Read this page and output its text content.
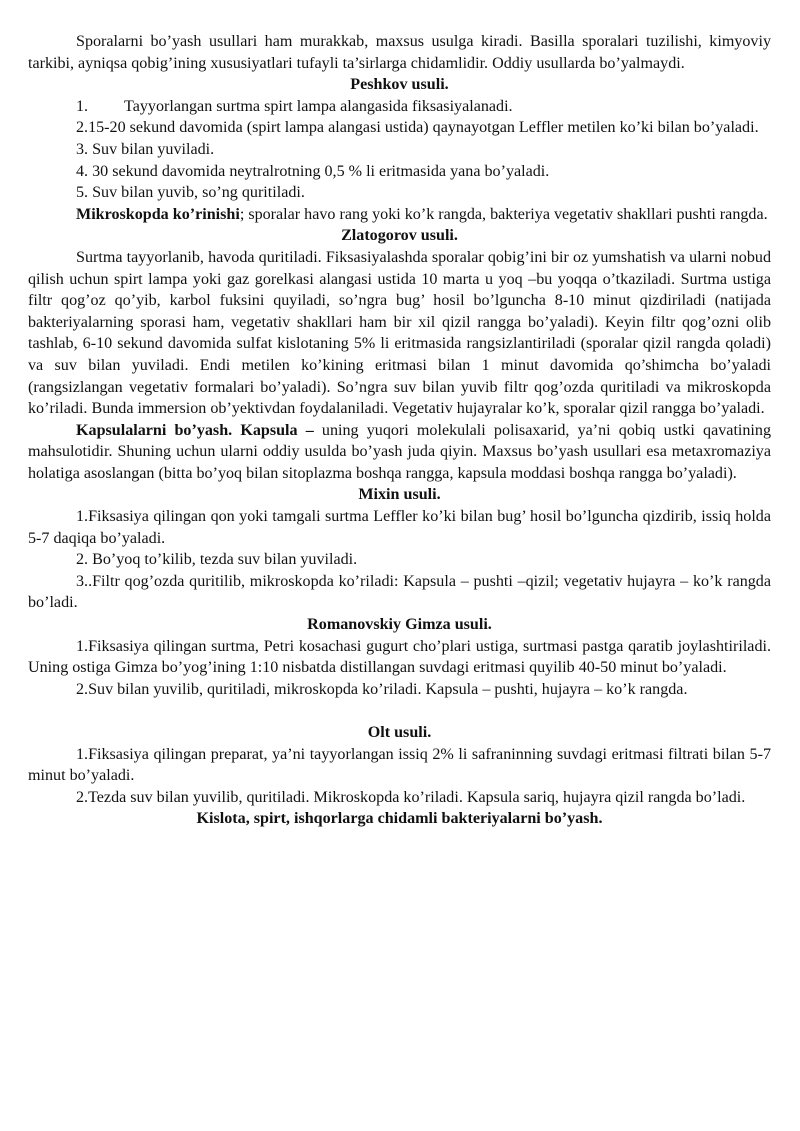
Sporalarni bo’yash usullari ham murakkab, maxsus usulga kiradi. Basilla sporalari tuzilishi, kimyoviy tarkibi, ayniqsa qobig’ining xususiyatlari tufayli ta’sirlarga chidamlidir. Oddiy usullarda bo’yalmaydi.

Peshkov usuli.

1. Tayyorlangan surtma spirt lampa alangasida fiksasiyalanadi.

2.15-20 sekund davomida (spirt lampa alangasi ustida) qaynayotgan Leffler metilen ko’ki bilan bo’yaladi.

3. Suv bilan yuviladi.

4. 30 sekund davomida neytralrotning 0,5 % li eritmasida yana bo’yaladi.

5. Suv bilan yuvib, so’ng quritiladi.

Mikroskopda ko’rinishi; sporalar havo rang yoki ko’k rangda, bakteriya vegetativ shakllari pushti rangda.

Zlatogorov usuli.

Surtma tayyorlanib, havoda quritiladi. Fiksasiyalashda sporalar qobig’ini bir oz yumshatish va ularni nobud qilish uchun spirt lampa yoki gaz gorelkasi alangasi ustida 10 marta u yoq –bu yoqqa o’tkaziladi. Surtma ustiga filtr qog’oz qo’yib, karbol fuksini quyiladi, so’ngra bug’ hosil bo’lguncha 8-10 minut qizdiriladi (natijada bakteriyalarning sporasi ham, vegetativ shakllari ham bir xil qizil rangga bo’yaladi). Keyin filtr qog’ozni olib tashlab, 6-10 sekund davomida sulfat kislotaning 5% li eritmasida rangsizlantiriladi (sporalar qizil rangda qoladi) va suv bilan yuviladi. Endi metilen ko’kining eritmasi bilan 1 minut davomida qo’shimcha bo’yaladi (rangsizlangan vegetativ formalari bo’yaladi). So’ngra suv bilan yuvib filtr qog’ozda quritiladi va mikroskopda ko’riladi. Bunda immersion ob’yektivdan foydalaniladi. Vegetativ hujayralar ko’k, sporalar qizil rangga bo’yaladi.

Kapsulalarni bo’yash. Kapsula – uning yuqori molekulali polisaxarid, ya’ni qobiq ustki qavatining mahsulotidir. Shuning uchun ularni oddiy usulda bo’yash juda qiyin. Maxsus bo’yash usullari esa metaxromaziya holatiga asoslangan (bitta bo’yoq bilan sitoplazma boshqa rangga, kapsula moddasi boshqa rangga bo’yaladi).

Mixin usuli.

1.Fiksasiya qilingan qon yoki tamgali surtma Leffler ko’ki bilan bug’ hosil bo’lguncha qizdirib, issiq holda 5-7 daqiqa bo’yaladi.

2. Bo’yoq to’kilib, tezda suv bilan yuviladi.

3..Filtr qog’ozda quritilib, mikroskopda ko’riladi: Kapsula – pushti –qizil; vegetativ hujayra – ko’k rangda bo’ladi.

Romanovskiy Gimza usuli.

1.Fiksasiya qilingan surtma, Petri kosachasi gugurt cho’plari ustiga, surtmasi pastga qaratib joylashtiriladi. Uning ostiga Gimza bo’yog’ining 1:10 nisbatda distillangan suvdagi eritmasi quyilib 40-50 minut bo’yaladi.

2.Suv bilan yuvilib, quritiladi, mikroskopda ko’riladi. Kapsula – pushti, hujayra – ko’k rangda.

Olt usuli.

1.Fiksasiya qilingan preparat, ya’ni tayyorlangan issiq 2% li safraninning suvdagi eritmasi filtrati bilan 5-7 minut bo’yaladi.

2.Tezda suv bilan yuvilib, quritiladi. Mikroskopda ko’riladi. Kapsula sariq, hujayra qizil rangda bo’ladi.

Kislota, spirt, ishqorlarga chidamli bakteriyalarni bo’yash.
